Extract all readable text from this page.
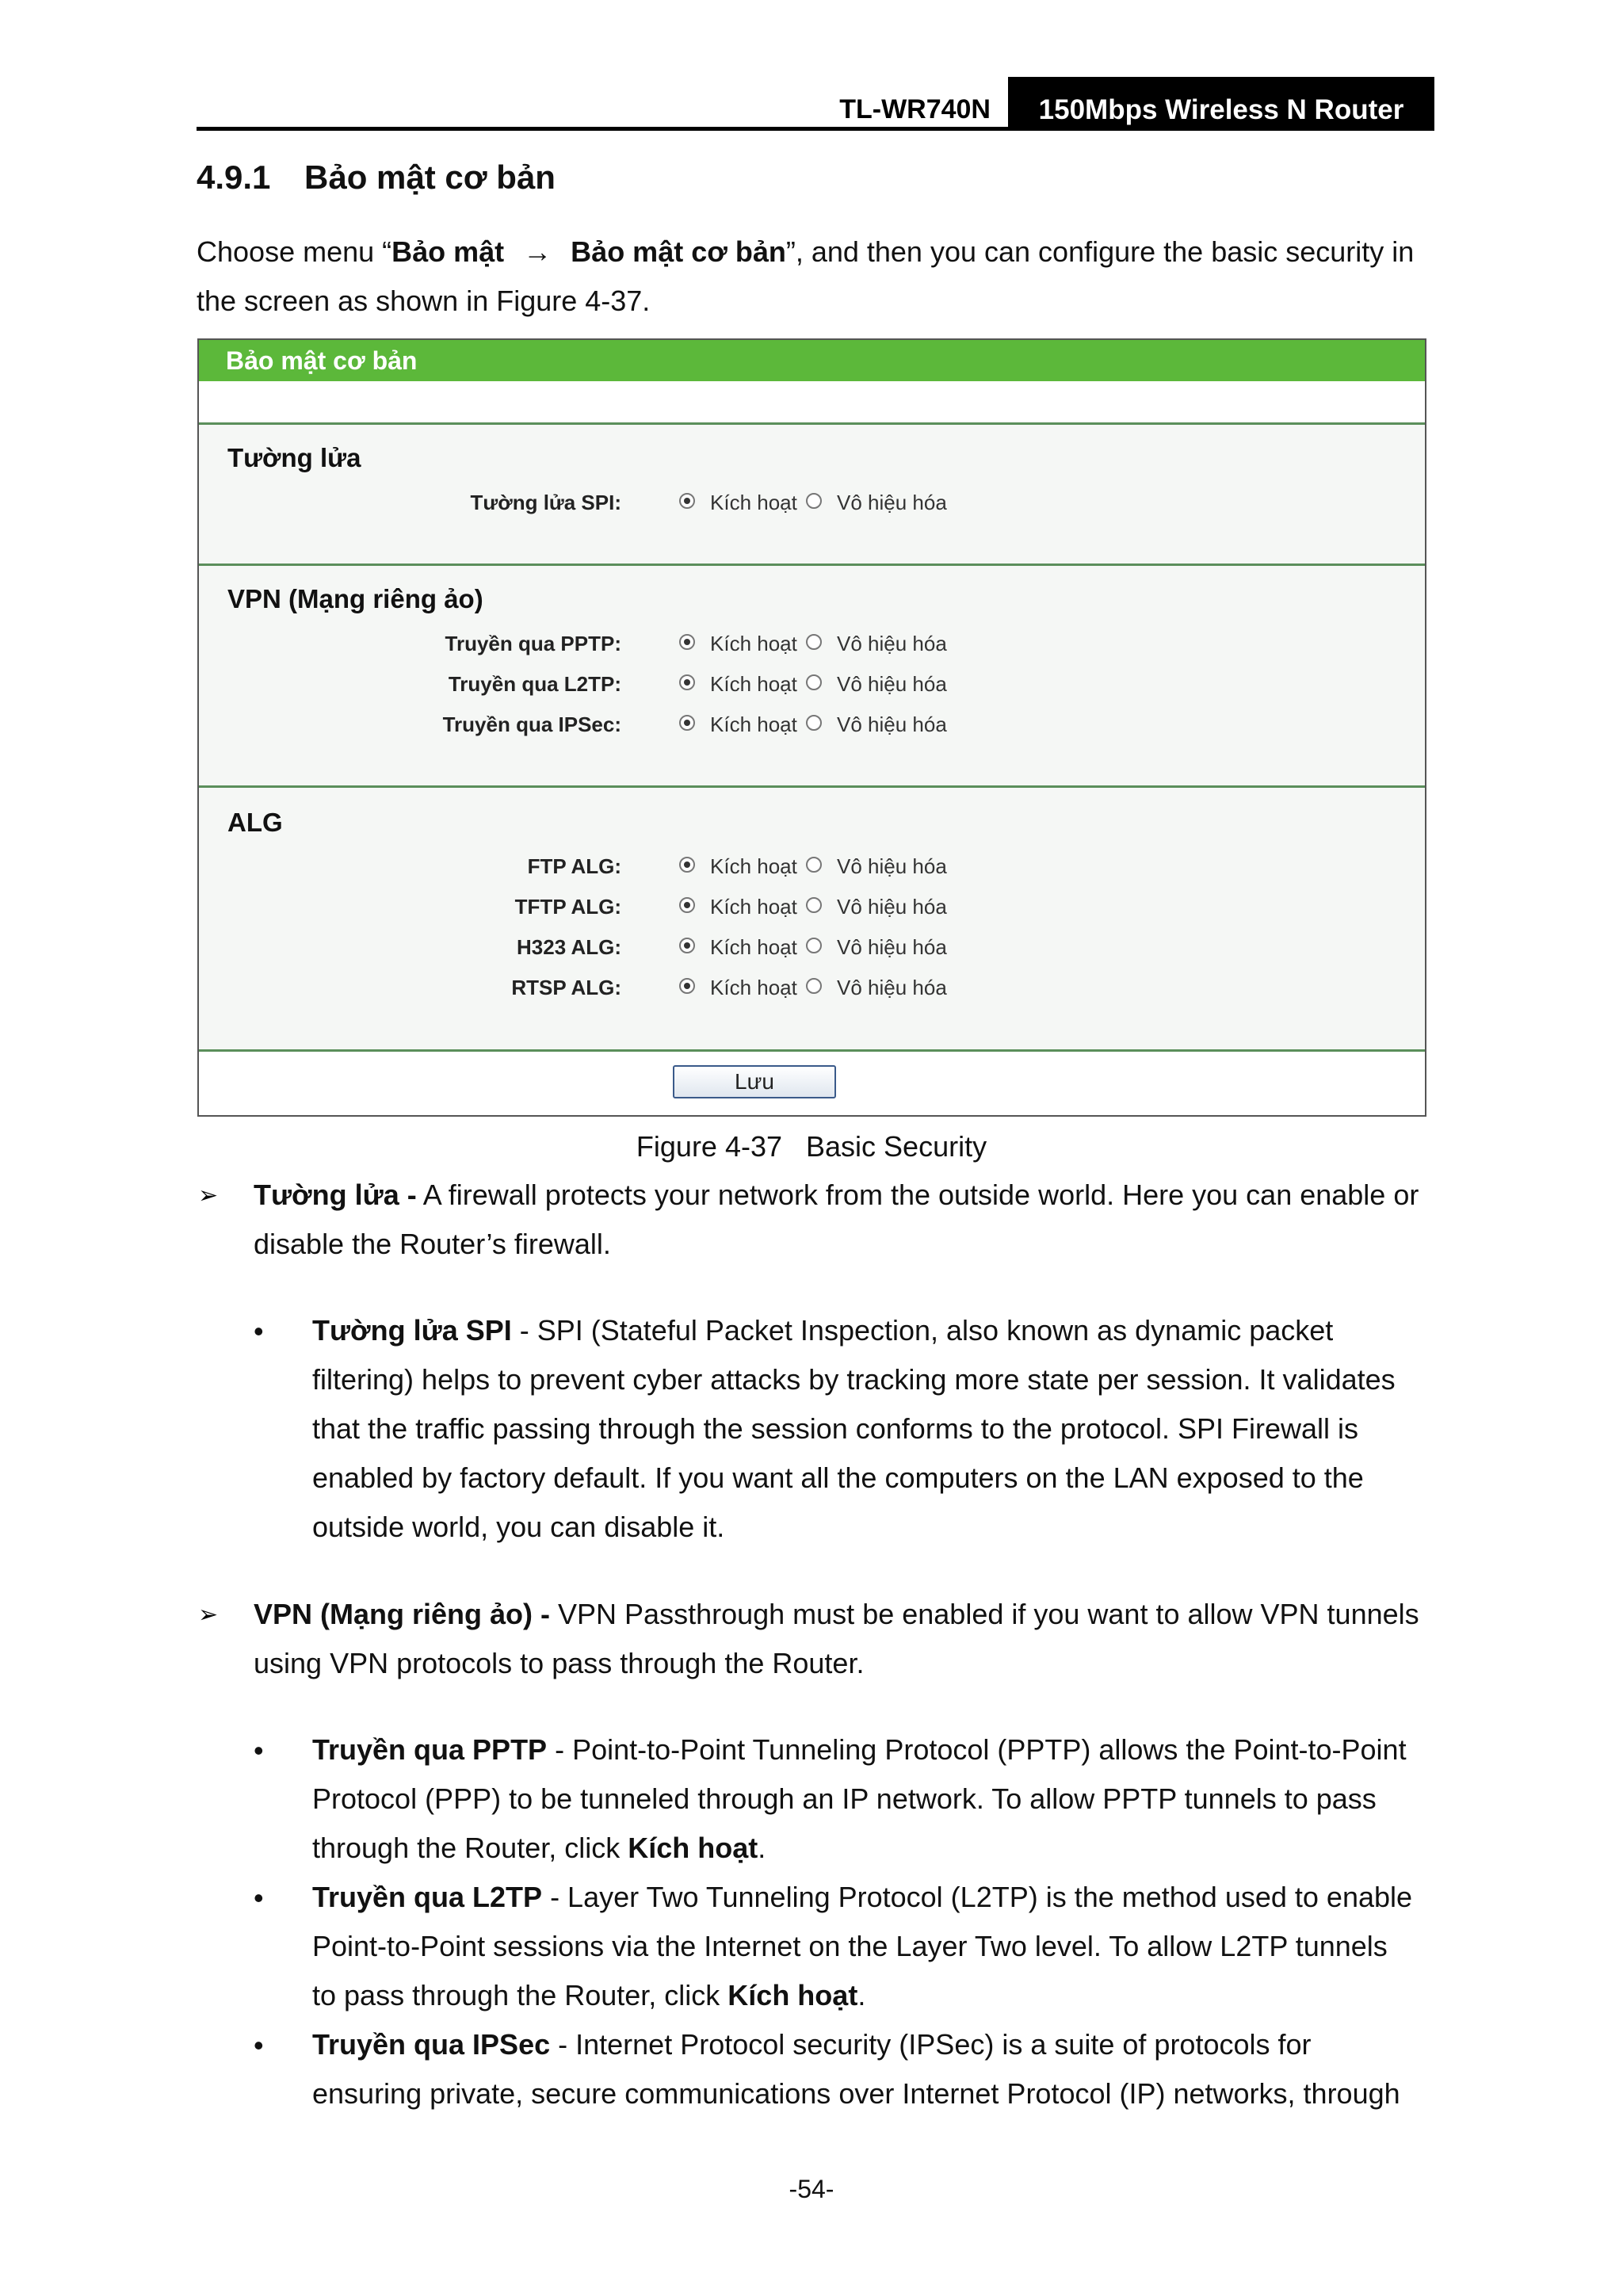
TL-WR740N 150Mbps Wireless N Router
4.9.1 Bảo mật cơ bản

Choose menu “Bảo mật → Bảo mật cơ bản”, and then you can configure the basic security in

the screen as shown in Figure 4-37.

Bảo mật cơ bản
Tường lửa
Tường lửa SPI:	Kích hoạt Vô hiệu hóa
VPN (Mạng riêng ảo)
Truyền qua PPTP:	Kích hoạt Vô hiệu hóa
Truyền qua L2TP:	Kích hoạt Vô hiệu hóa
Truyền qua IPSec:	Kích hoạt Vô hiệu hóa
ALG
FTP ALG:	Kích hoạt Vô hiệu hóa
TFTP ALG:	Kích hoạt Vô hiệu hóa
H323 ALG:	Kích hoạt Vô hiệu hóa
RTSP ALG:	Kích hoạt Vô hiệu hóa
Lưu
Figure 4-37 Basic Security
➢ Tường lửa - A firewall protects your network from the outside world. Here you can enable or

disable the Router’s firewall.

• Tường lửa SPI - SPI (Stateful Packet Inspection, also known as dynamic packet

filtering) helps to prevent cyber attacks by tracking more state per session. It validates

that the traffic passing through the session conforms to the protocol. SPI Firewall is

enabled by factory default. If you want all the computers on the LAN exposed to the

outside world, you can disable it.

➢ VPN (Mạng riêng ảo) - VPN Passthrough must be enabled if you want to allow VPN tunnels

using VPN protocols to pass through the Router.

• Truyền qua PPTP - Point-to-Point Tunneling Protocol (PPTP) allows the Point-to-Point

Protocol (PPP) to be tunneled through an IP network. To allow PPTP tunnels to pass

through the Router, click Kích hoạt.

• Truyền qua L2TP - Layer Two Tunneling Protocol (L2TP) is the method used to enable

Point-to-Point sessions via the Internet on the Layer Two level. To allow L2TP tunnels

to pass through the Router, click Kích hoạt.

• Truyền qua IPSec - Internet Protocol security (IPSec) is a suite of protocols for

ensuring private, secure communications over Internet Protocol (IP) networks, through

-54-
